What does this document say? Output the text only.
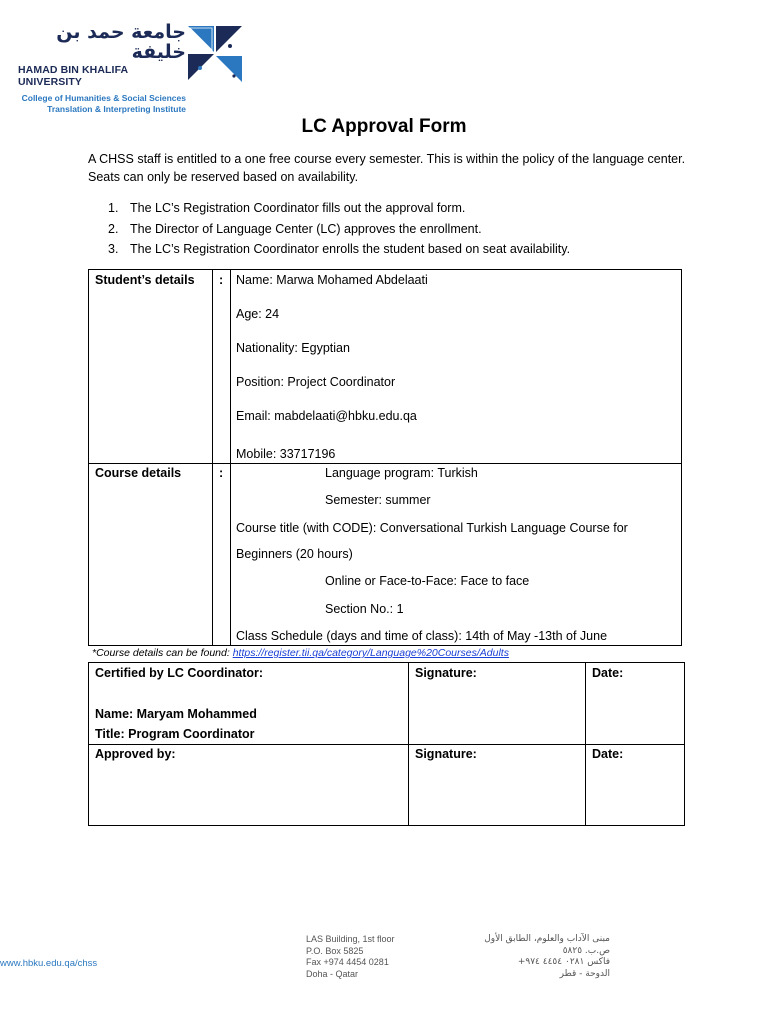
جامعة حمد بن خليفة
HAMAD BIN KHALIFA UNIVERSITY
College of Humanities & Social Sciences
Translation & Interpreting Institute
LC Approval Form
A CHSS staff is entitled to a one free course every semester. This is within the policy of the language center. Seats can only be reserved based on availability.
1. The LC’s Registration Coordinator fills out the approval form.
2. The Director of Language Center (LC) approves the enrollment.
3. The LC’s Registration Coordinator enrolls the student based on seat availability.
Student’s details : Name: Marwa Mohamed Abdelaati
Age: 24
Nationality: Egyptian
Position: Project Coordinator
Email: mabdelaati@hbku.edu.qa
Mobile: 33717196
Course details	:	Language program: Turkish
Semester: summer
Course title (with CODE): Conversational Turkish Language Course for
Beginners (20 hours)
Online or Face-to-Face: Face to face
Section No.: 1
Class Schedule (days and time of class): 14th of May -13th of June
*Course details can be found: https://register.tii.qa/category/Language%20Courses/Adults
Certified by LC Coordinator:
Name: Maryam Mohammed
Title: Program Coordinator
Signature:	Date:
Approved by:	Signature:	Date:
www.hbku.edu.qa/chss
LAS Building, 1st floor
P.O. Box 5825
Fax +974 4454 0281
Doha - Qatar
مبنى الآداب والعلوم، الطابق الأول
ص.ب. ٥٨٢٥
فاكس ٠٢٨١ ٤٤٥٤ ٩٧٤+
الدوحة - قطر
